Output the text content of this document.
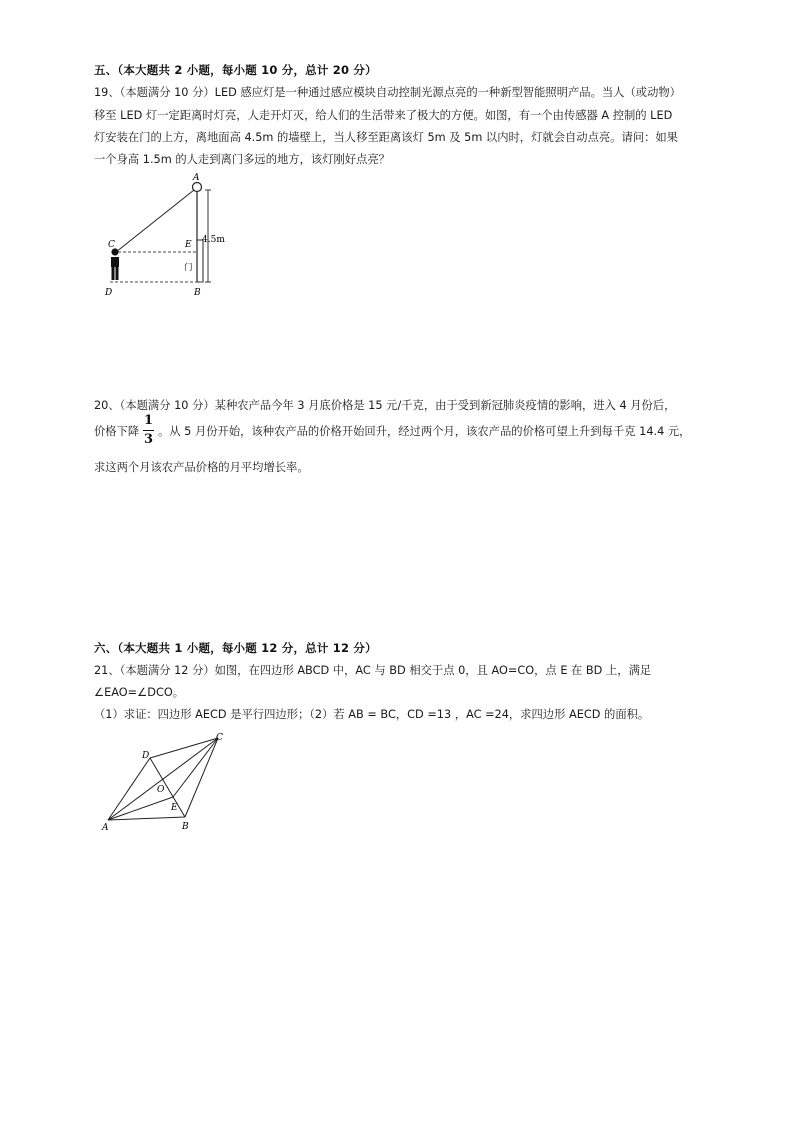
五、（本大题共 2 小题，每小题 10 分，总计 20 分）
19、（本题满分 10 分）LED 感应灯是一种通过感应模块自动控制光源点亮的一种新型智能照明产品。当人（或动物）
移至 LED 灯一定距离时灯亮，人走开灯灭，给人们的生活带来了极大的方便。如图，有一个由传感器 A 控制的 LED
灯安装在门的上方，离地面高 4.5m 的墙壁上，当人移至距离该灯 5m 及 5m 以内时，灯就会自动点亮。请问：如果
一个身高 1.5m 的人走到离门多远的地方，该灯刚好点亮？
A
C	E
门
4.5m
D	B
20、（本题满分 10 分）某种农产品今年 3 月底价格是 15 元/千克，由于受到新冠肺炎疫情的影响，进入 4 月份后，
价格下降
1
3
。从 5 月份开始，该种农产品的价格开始回升，经过两个月，该农产品的价格可望上升到每千克 14.4 元，
求这两个月该农产品价格的月平均增长率。
六、（本大题共 1 小题，每小题 12 分，总计 12 分）
21、（本题满分 12 分）如图，在四边形 ABCD 中，AC 与 BD 相交于点 0，且 AO=CO，点 E 在 BD 上，满足
∠EAO=∠DCO。
（1）求证：四边形 AECD 是平行四边形；（2）若 AB = BC，CD =13 ，AC =24，求四边形 AECD 的面积。
A	B
C
D
O
E
